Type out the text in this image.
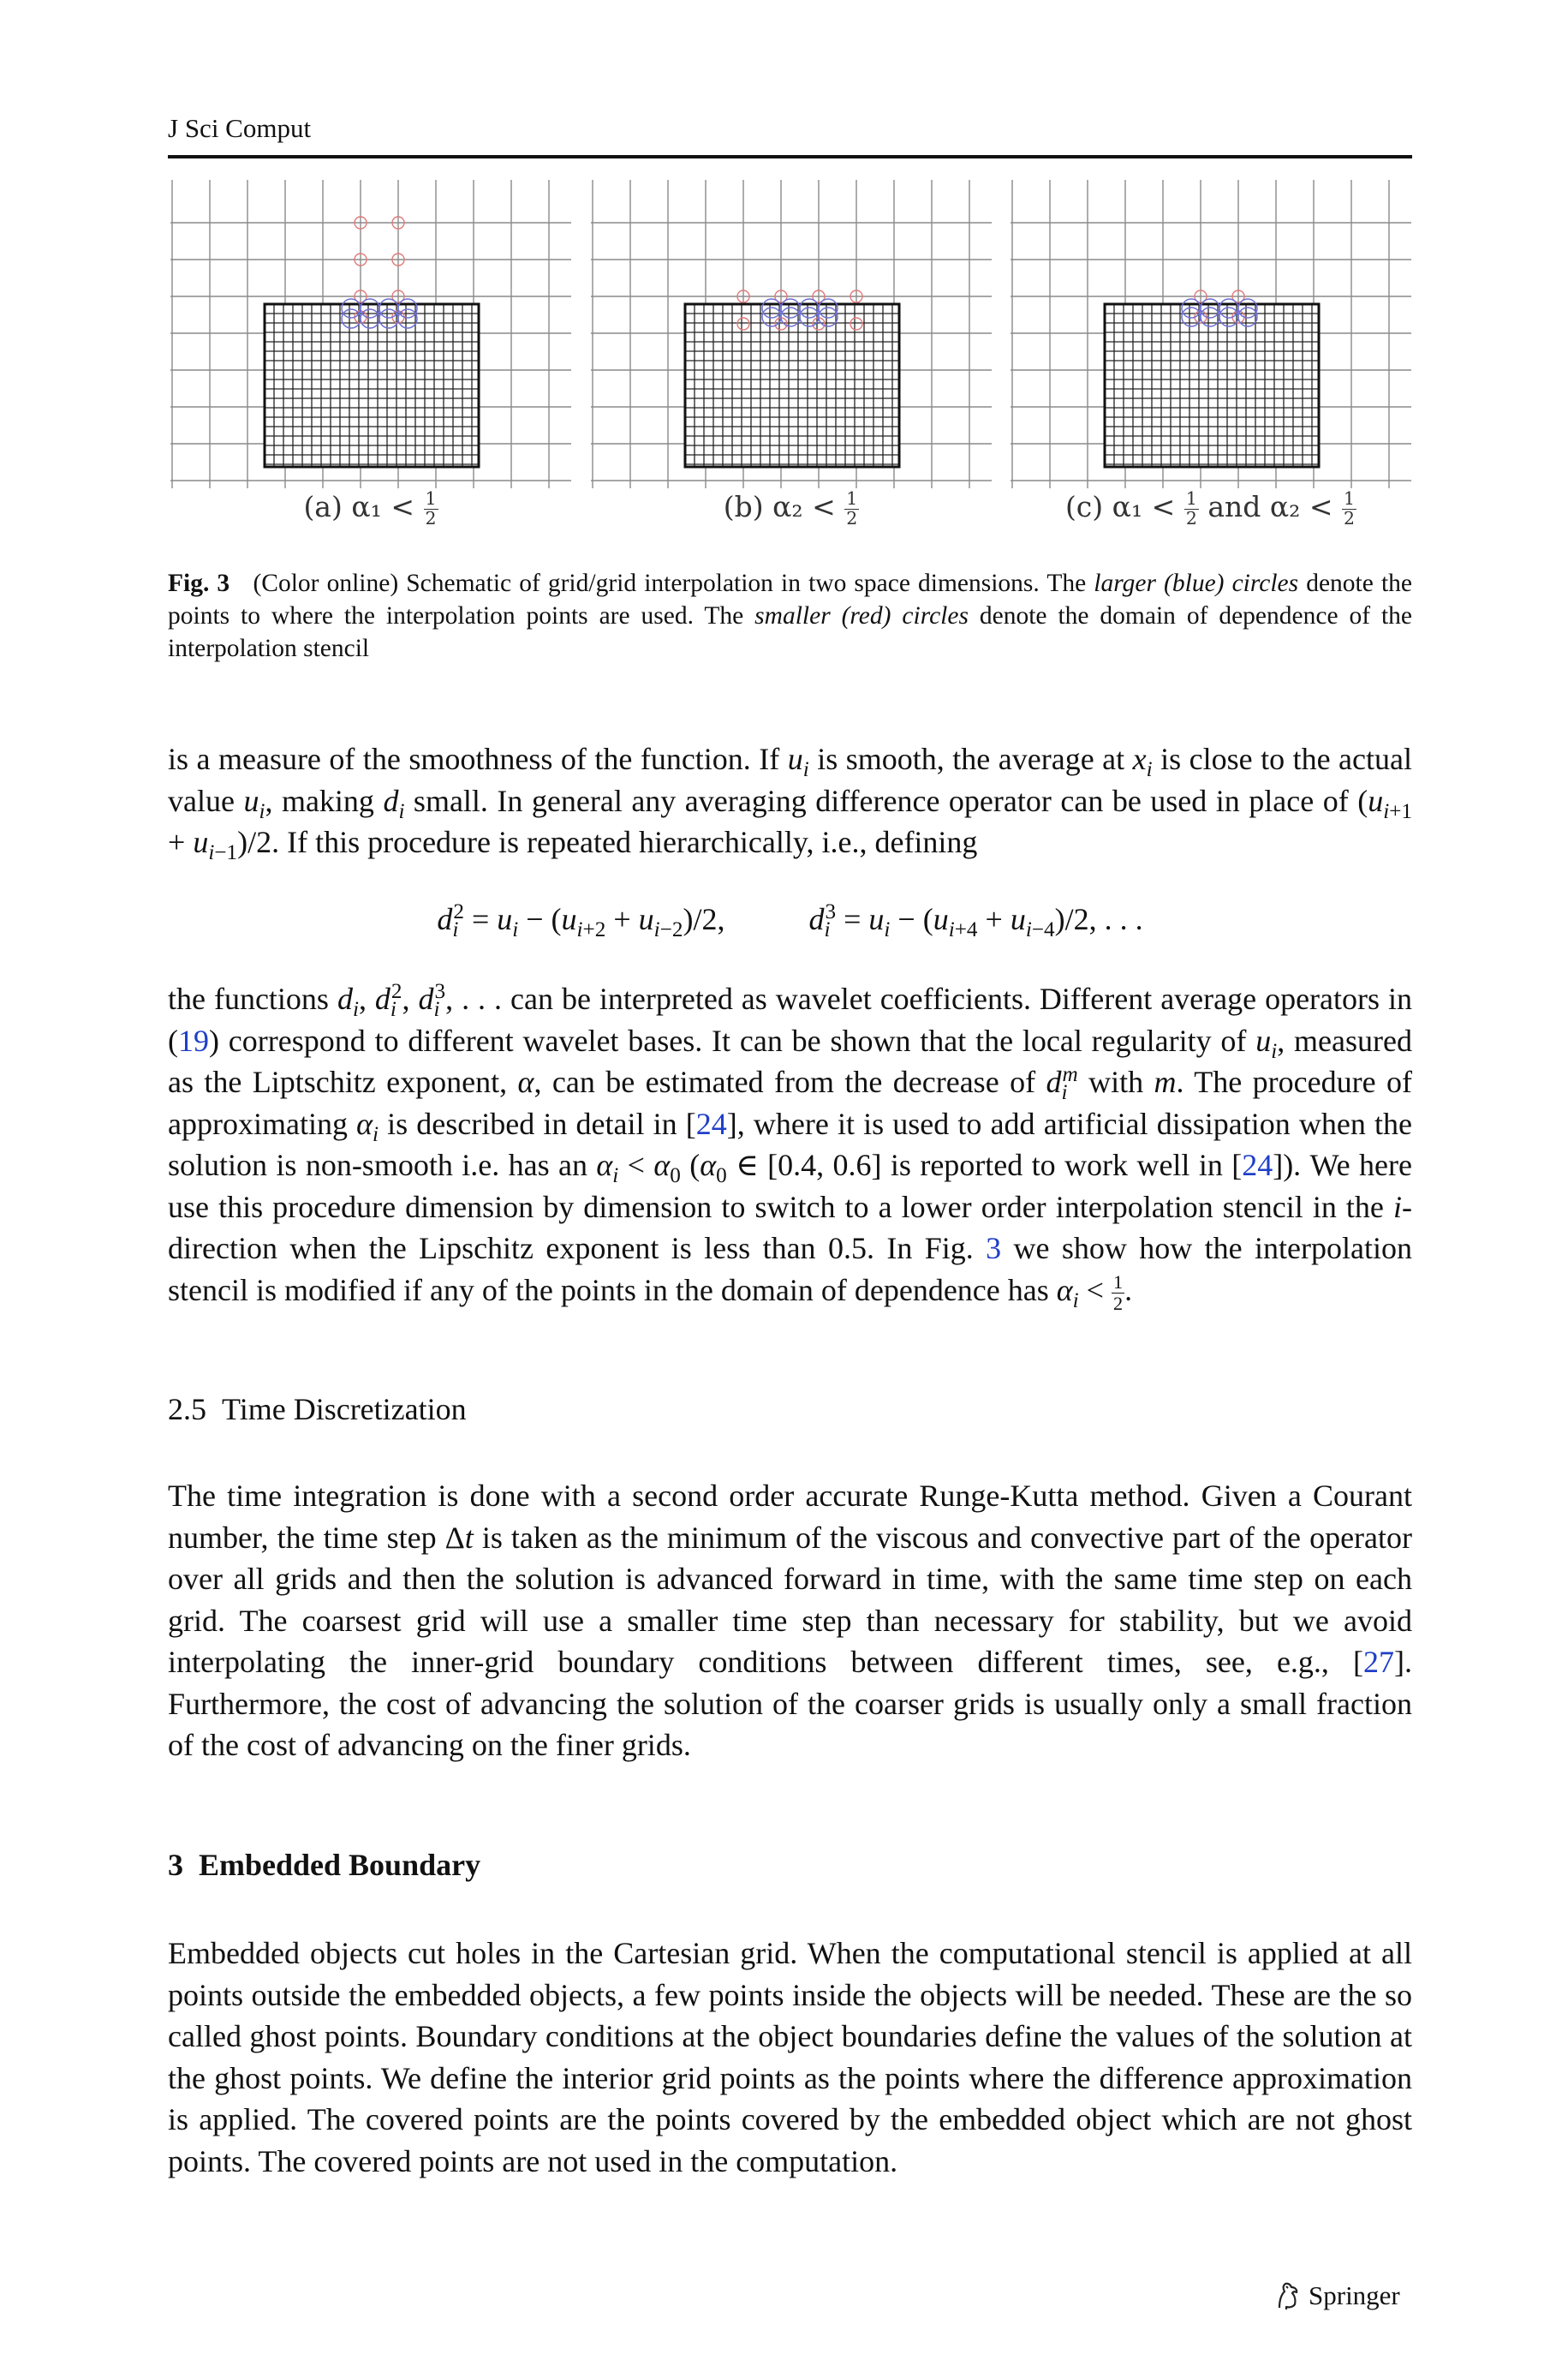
J Sci Comput
(a) $\alpha_1 < \frac{1}{2}$	(b) $\alpha_2 < \frac{1}{2}$	(c) $\alpha_1 < \frac{1}{2}$ and $\alpha_2 < \frac{1}{2}$
Fig. 3 (Color online) Schematic of grid/grid interpolation in two space dimensions. The larger (blue) circles denote the points to where the interpolation points are used. The smaller (red) circles denote the domain of dependence of the interpolation stencil
is a measure of the smoothness of the function. If $u_i$ is smooth, the average at $x_i$ is close to the actual value $u_i$, making $d_i$ small. In general any averaging difference operator can be used in place of $(u_{i+1} + u_{i-1})/2$. If this procedure is repeated hierarchically, i.e., defining
$d_i^2 = u_i - (u_{i+2} + u_{i-2})/2$,	$d_i^3 = u_i - (u_{i+4} + u_{i-4})/2$, . . .
the functions $d_i$, $d_i^2$, $d_i^3$, . . . can be interpreted as wavelet coefficients. Different average operators in (19) correspond to different wavelet bases. It can be shown that the local regularity of $u_i$, measured as the Liptschitz exponent, α, can be estimated from the decrease of $d_i^m$ with m. The procedure of approximating $\alpha_i$ is described in detail in [24], where it is used to add artificial dissipation when the solution is non-smooth i.e. has an $\alpha_i < \alpha_0$ ($\alpha_0$ ∈ [0.4, 0.6] is reported to work well in [24]). We here use this procedure dimension by dimension to switch to a lower order interpolation stencil in the i-direction when the Lipschitz exponent is less than 0.5. In Fig. 3 we show how the interpolation stencil is modified if any of the points in the domain of dependence has $\alpha_i < \frac{1}{2}$ .
2.5 Time Discretization
The time integration is done with a second order accurate Runge-Kutta method. Given a Courant number, the time step Δt is taken as the minimum of the viscous and convective part of the operator over all grids and then the solution is advanced forward in time, with the same time step on each grid. The coarsest grid will use a smaller time step than necessary for stability, but we avoid interpolating the inner-grid boundary conditions between different times, see, e.g., [27]. Furthermore, the cost of advancing the solution of the coarser grids is usually only a small fraction of the cost of advancing on the finer grids.
3 Embedded Boundary
Embedded objects cut holes in the Cartesian grid. When the computational stencil is applied at all points outside the embedded objects, a few points inside the objects will be needed. These are the so called ghost points. Boundary conditions at the object boundaries define the values of the solution at the ghost points. We define the interior grid points as the points where the difference approximation is applied. The covered points are the points covered by the embedded object which are not ghost points. The covered points are not used in the computation.
Springer
